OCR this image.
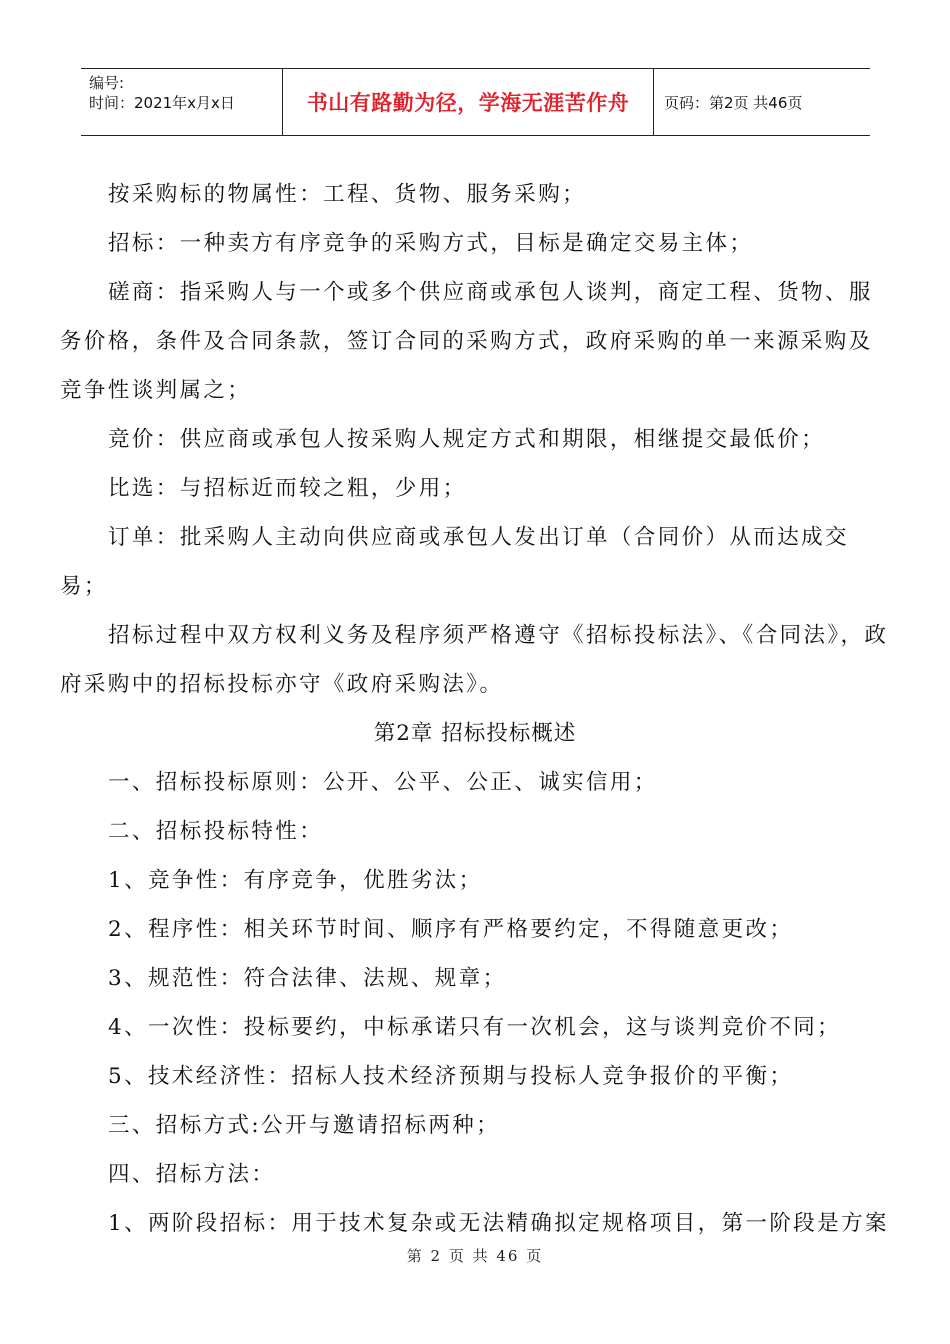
编号:
时间：2021年x月x日	书山有路勤为径，学海无涯苦作舟	页码：第2页 共46页

按采购标的物属性：工程、货物、服务采购；

招标：一种卖方有序竞争的采购方式，目标是确定交易主体；

磋商：指采购人与一个或多个供应商或承包人谈判，商定工程、货物、服务价格，条件及合同条款，签订合同的采购方式，政府采购的单一来源采购及竞争性谈判属之；

竞价：供应商或承包人按采购人规定方式和期限，相继提交最低价；

比选：与招标近而较之粗，少用；

订单：批采购人主动向供应商或承包人发出订单（合同价）从而达成交易；

招标过程中双方权利义务及程序须严格遵守《招标投标法》、《合同法》，政府采购中的招标投标亦守《政府采购法》。

第2章 招标投标概述

一、招标投标原则：公开、公平、公正、诚实信用；

二、招标投标特性：

1、竞争性：有序竞争，优胜劣汰；

2、程序性：相关环节时间、顺序有严格要约定，不得随意更改；

3、规范性：符合法律、法规、规章；

4、一次性：投标要约，中标承诺只有一次机会，这与谈判竞价不同；

5、技术经济性：招标人技术经济预期与投标人竞争报价的平衡；

三、招标方式:公开与邀请招标两种；

四、招标方法：

1、两阶段招标：用于技术复杂或无法精确拟定规格项目，第一阶段是方案

第 2 页 共 46 页
